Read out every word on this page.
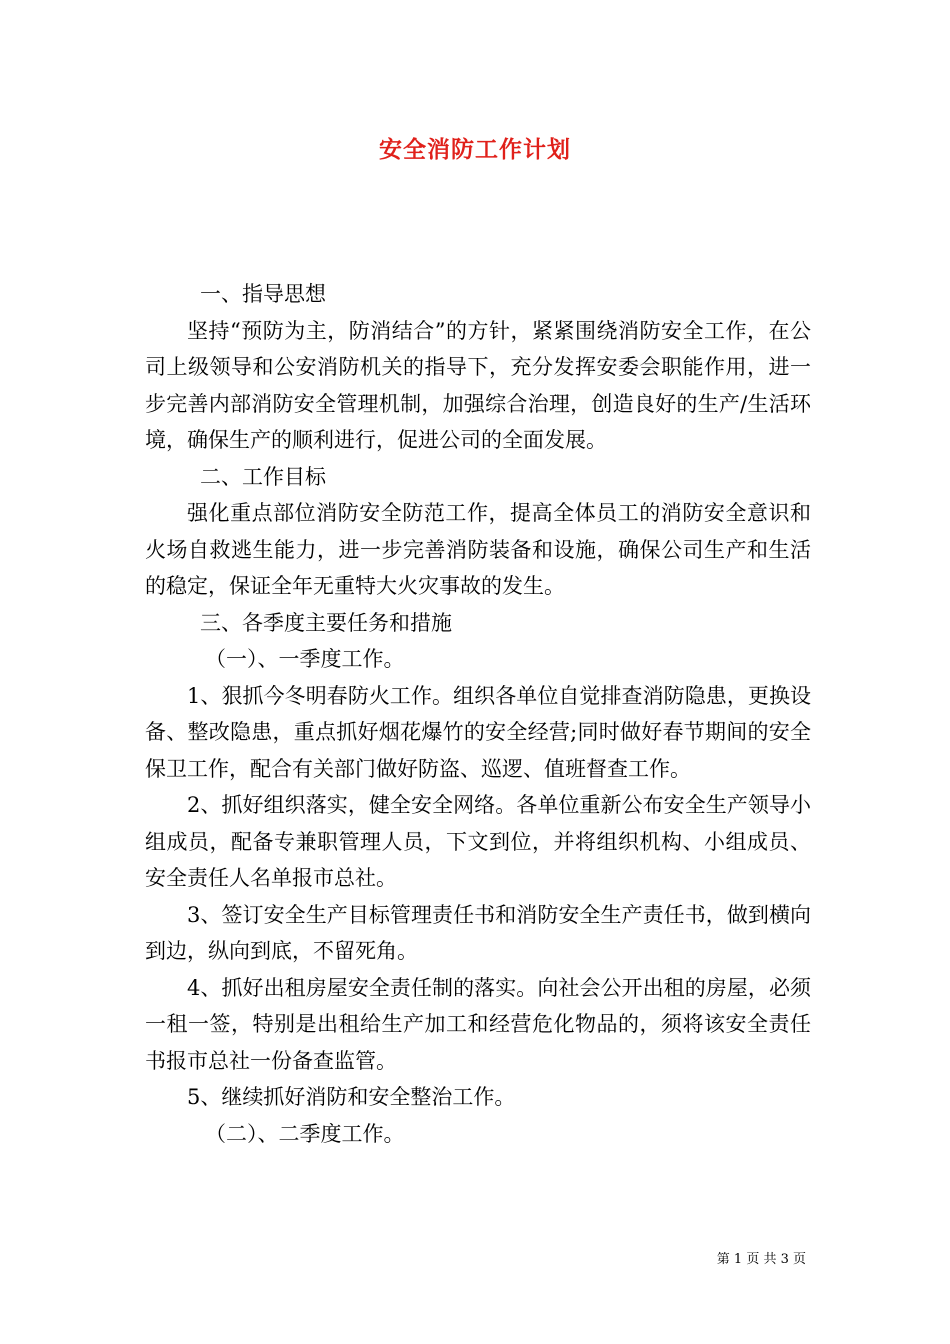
安全消防工作计划

一、指导思想

坚持“预防为主，防消结合”的方针，紧紧围绕消防安全工作，在公司上级领导和公安消防机关的指导下，充分发挥安委会职能作用，进一步完善内部消防安全管理机制，加强综合治理，创造良好的生产/生活环境，确保生产的顺利进行，促进公司的全面发展。

二、工作目标

强化重点部位消防安全防范工作，提高全体员工的消防安全意识和火场自救逃生能力，进一步完善消防装备和设施，确保公司生产和生活的稳定，保证全年无重特大火灾事故的发生。

三、各季度主要任务和措施

（一）、一季度工作。

1、狠抓今冬明春防火工作。组织各单位自觉排查消防隐患，更换设备、整改隐患，重点抓好烟花爆竹的安全经营;同时做好春节期间的安全保卫工作，配合有关部门做好防盗、巡逻、值班督查工作。

2、抓好组织落实，健全安全网络。各单位重新公布安全生产领导小组成员，配备专兼职管理人员，下文到位，并将组织机构、小组成员、安全责任人名单报市总社。

3、签订安全生产目标管理责任书和消防安全生产责任书，做到横向到边，纵向到底，不留死角。

4、抓好出租房屋安全责任制的落实。向社会公开出租的房屋，必须一租一签，特别是出租给生产加工和经营危化物品的，须将该安全责任书报市总社一份备查监管。

5、继续抓好消防和安全整治工作。

（二）、二季度工作。

第 1 页 共 3 页
